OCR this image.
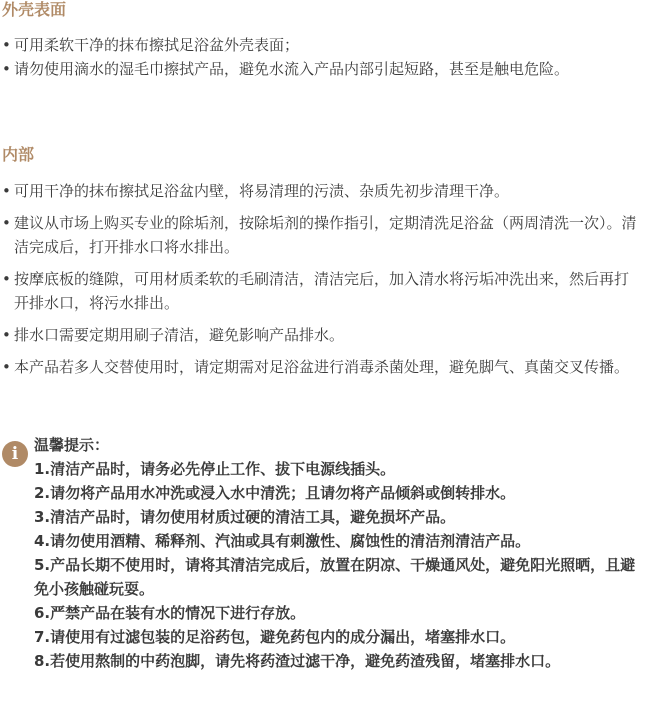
外壳表面
• 可用柔软干净的抹布擦拭足浴盆外壳表面；
• 请勿使用滴水的湿毛巾擦拭产品，避免水流入产品内部引起短路，甚至是触电危险。
内部
• 可用干净的抹布擦拭足浴盆内壁，将易清理的污渍、杂质先初步清理干净。
• 建议从市场上购买专业的除垢剂，按除垢剂的操作指引，定期清洗足浴盆（两周清洗一次）。清洁完成后，打开排水口将水排出。
• 按摩底板的缝隙，可用材质柔软的毛刷清洁，清洁完后，加入清水将污垢冲洗出来，然后再打开排水口，将污水排出。
• 排水口需要定期用刷子清洁，避免影响产品排水。
• 本产品若多人交替使用时，请定期需对足浴盆进行消毒杀菌处理，避免脚气、真菌交叉传播。
i	温馨提示：
1.清洁产品时，请务必先停止工作、拔下电源线插头。
2.请勿将产品用水冲洗或浸入水中清洗；且请勿将产品倾斜或倒转排水。
3.清洁产品时，请勿使用材质过硬的清洁工具，避免损坏产品。
4.请勿使用酒精、稀释剂、汽油或具有刺激性、腐蚀性的清洁剂清洁产品。
5.产品长期不使用时，请将其清洁完成后，放置在阴凉、干燥通风处，避免阳光照晒，且避免小孩触碰玩耍。
6.严禁产品在装有水的情况下进行存放。
7.请使用有过滤包装的足浴药包，避免药包内的成分漏出，堵塞排水口。
8.若使用熬制的中药泡脚，请先将药渣过滤干净，避免药渣残留，堵塞排水口。
